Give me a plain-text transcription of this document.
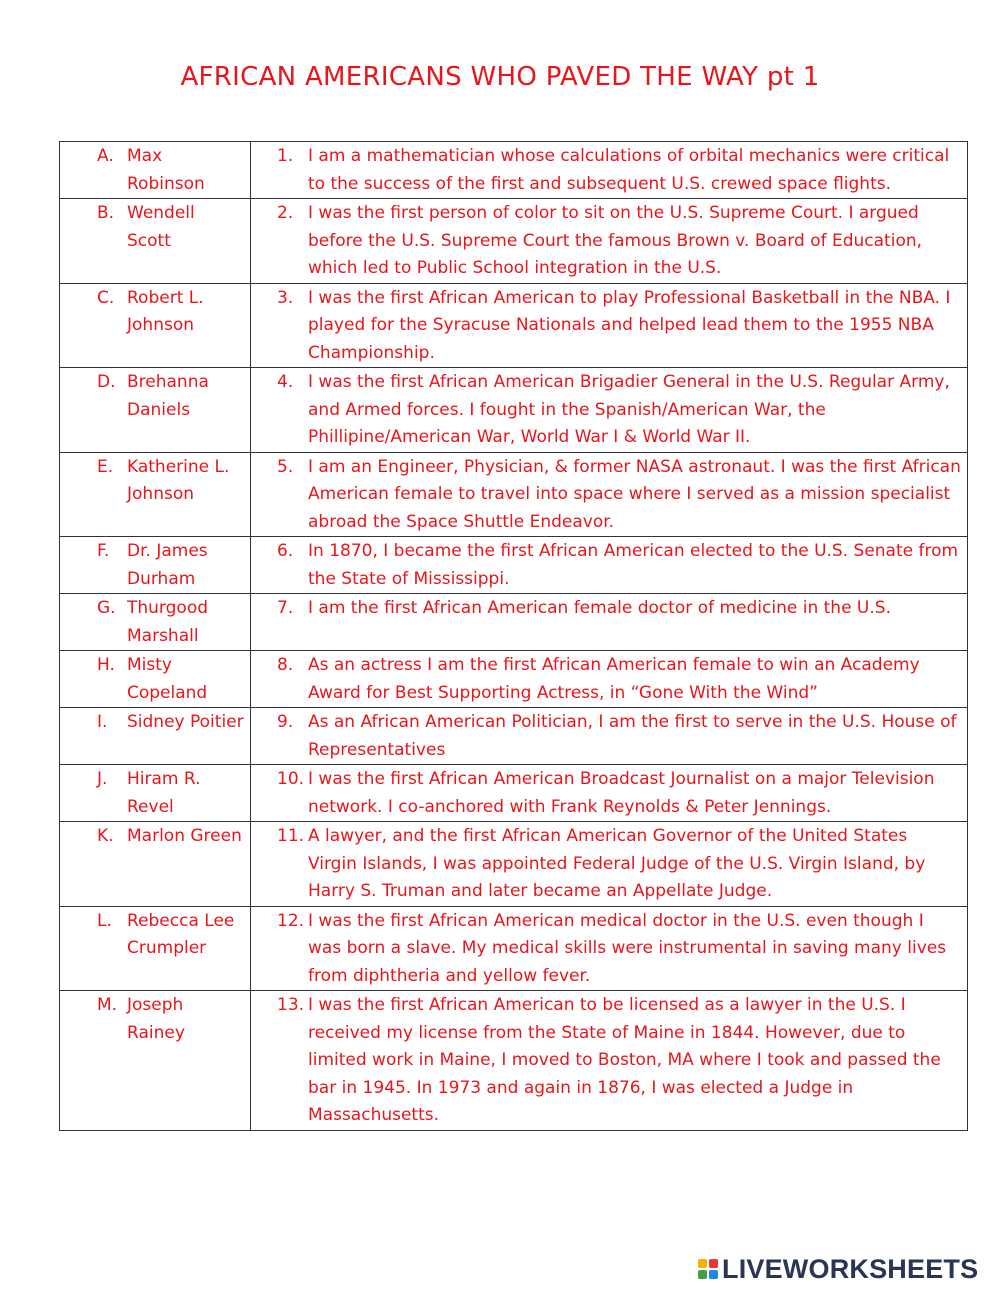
AFRICAN AMERICANS WHO PAVED THE WAY pt 1
A. Max Robinson	1. I am a mathematician whose calculations of orbital mechanics were critical to the success of the first and subsequent U.S. crewed space flights.

B. Wendell Scott	2. I was the first person of color to sit on the U.S. Supreme Court. I argued before the U.S. Supreme Court the famous Brown v. Board of Education, which led to Public School integration in the U.S.

C. Robert L. Johnson	3. I was the first African American to play Professional Basketball in the NBA. I played for the Syracuse Nationals and helped lead them to the 1955 NBA Championship.

D. Brehanna Daniels	4. I was the first African American Brigadier General in the U.S. Regular Army, and Armed forces. I fought in the Spanish/American War, the Phillipine/American War, World War I & World War II.

E. Katherine L. Johnson	5. I am an Engineer, Physician, & former NASA astronaut. I was the first African American female to travel into space where I served as a mission specialist abroad the Space Shuttle Endeavor.

F. Dr. James Durham	6. In 1870, I became the first African American elected to the U.S. Senate from the State of Mississippi.

G. Thurgood Marshall	7. I am the first African American female doctor of medicine in the U.S.

H. Misty Copeland	8. As an actress I am the first African American female to win an Academy Award for Best Supporting Actress, in “Gone With the Wind”

I. Sidney Poitier	9. As an African American Politician, I am the first to serve in the U.S. House of Representatives

J. Hiram R. Revel	10. I was the first African American Broadcast Journalist on a major Television network. I co-anchored with Frank Reynolds & Peter Jennings.

K. Marlon Green	11. A lawyer, and the first African American Governor of the United States Virgin Islands, I was appointed Federal Judge of the U.S. Virgin Island, by Harry S. Truman and later became an Appellate Judge.

L. Rebecca Lee Crumpler	12. I was the first African American medical doctor in the U.S. even though I was born a slave. My medical skills were instrumental in saving many lives from diphtheria and yellow fever.

M. Joseph Rainey	13. I was the first African American to be licensed as a lawyer in the U.S. I received my license from the State of Maine in 1844. However, due to limited work in Maine, I moved to Boston, MA where I took and passed the bar in 1945. In 1973 and again in 1876, I was elected a Judge in Massachusetts.
LIVEWORKSHEETS
